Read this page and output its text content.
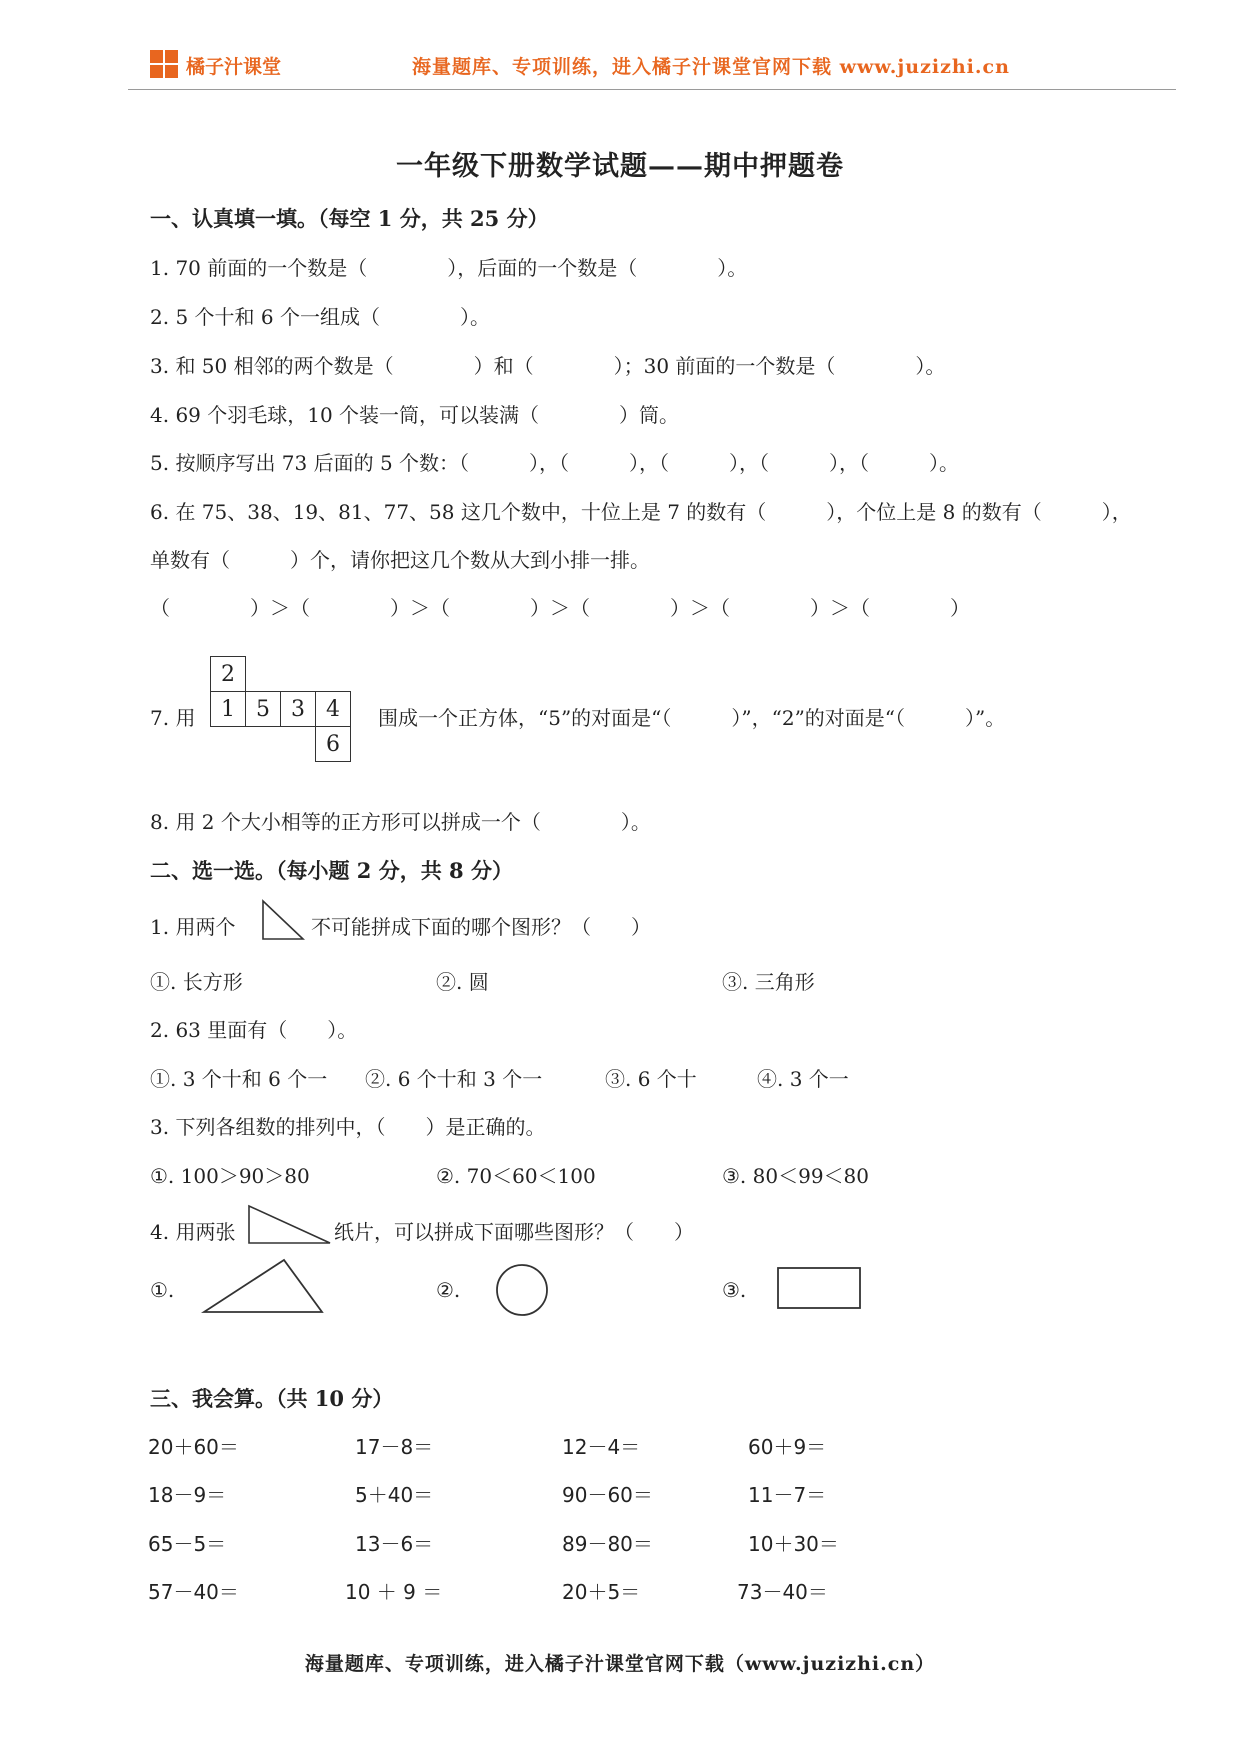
橘子汁课堂	海量题库、专项训练，进入橘子汁课堂官网下载 www.juzizhi.cn
一年级下册数学试题——期中押题卷
一、认真填一填。（每空 1 分，共 25 分）
1. 70 前面的一个数是（　　　　），后面的一个数是（　　　　）。
2. 5 个十和 6 个一组成（　　　　）。
3. 和 50 相邻的两个数是（　　　　）和（　　　　）；30 前面的一个数是（　　　　）。
4. 69 个羽毛球，10 个装一筒，可以装满（　　　　）筒。
5. 按顺序写出 73 后面的 5 个数：（　　　），（　　　），（　　　），（　　　），（　　　）。
6. 在 75、38、19、81、77、58 这几个数中，十位上是 7 的数有（　　　），个位上是 8 的数有（　　　），
单数有（　　　）个，请你把这几个数从大到小排一排。
（　　　　）＞（　　　　）＞（　　　　）＞（　　　　）＞（　　　　）＞（　　　　）
7. 用
2			
1	5	3	4
			6
围成一个正方体，“5”的对面是“（　　　）”，“2”的对面是“（　　　）”。
8. 用 2 个大小相等的正方形可以拼成一个（　　　　）。
二、选一选。（每小题 2 分，共 8 分）
1. 用两个	不可能拼成下面的哪个图形？（　　）
①. 长方形	②. 圆	③. 三角形
2. 63 里面有（　　）。
①. 3 个十和 6 个一 ②. 6 个十和 3 个一	③. 6 个十	④. 3 个一
3. 下列各组数的排列中，（　　）是正确的。
①. 100＞90＞80	②. 70＜60＜100	③. 80＜99＜80
4. 用两张	纸片，可以拼成下面哪些图形？（　　）
①.	②.	③.
三、我会算。（共 10 分）
20＋60＝	17－8＝	12－4＝	60＋9＝
18－9＝	5＋40＝	90－60＝	11－7＝
65－5＝	13－6＝	89－80＝	10＋30＝
57－40＝	10 ＋ 9 ＝	20＋5＝	73－40＝
海量题库、专项训练，进入橘子汁课堂官网下载（www.juzizhi.cn）
